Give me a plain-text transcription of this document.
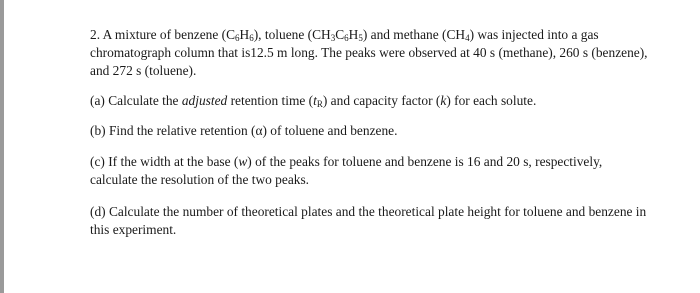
2. A mixture of benzene $(C_6H_6)$, toluene $(CH_3C_6H_5)$ and methane $(CH_4)$ was injected into a gas chromatograph column that is12.5 m long. The peaks were observed at 40 s (methane), 260 s (benzene), and 272 s (toluene).

(a) Calculate the adjusted retention time $(t_R)$ and capacity factor (k) for each solute.

(b) Find the relative retention (α) of toluene and benzene.

(c) If the width at the base (w) of the peaks for toluene and benzene is 16 and 20 s, respectively, calculate the resolution of the two peaks.

(d) Calculate the number of theoretical plates and the theoretical plate height for toluene and benzene in this experiment.
